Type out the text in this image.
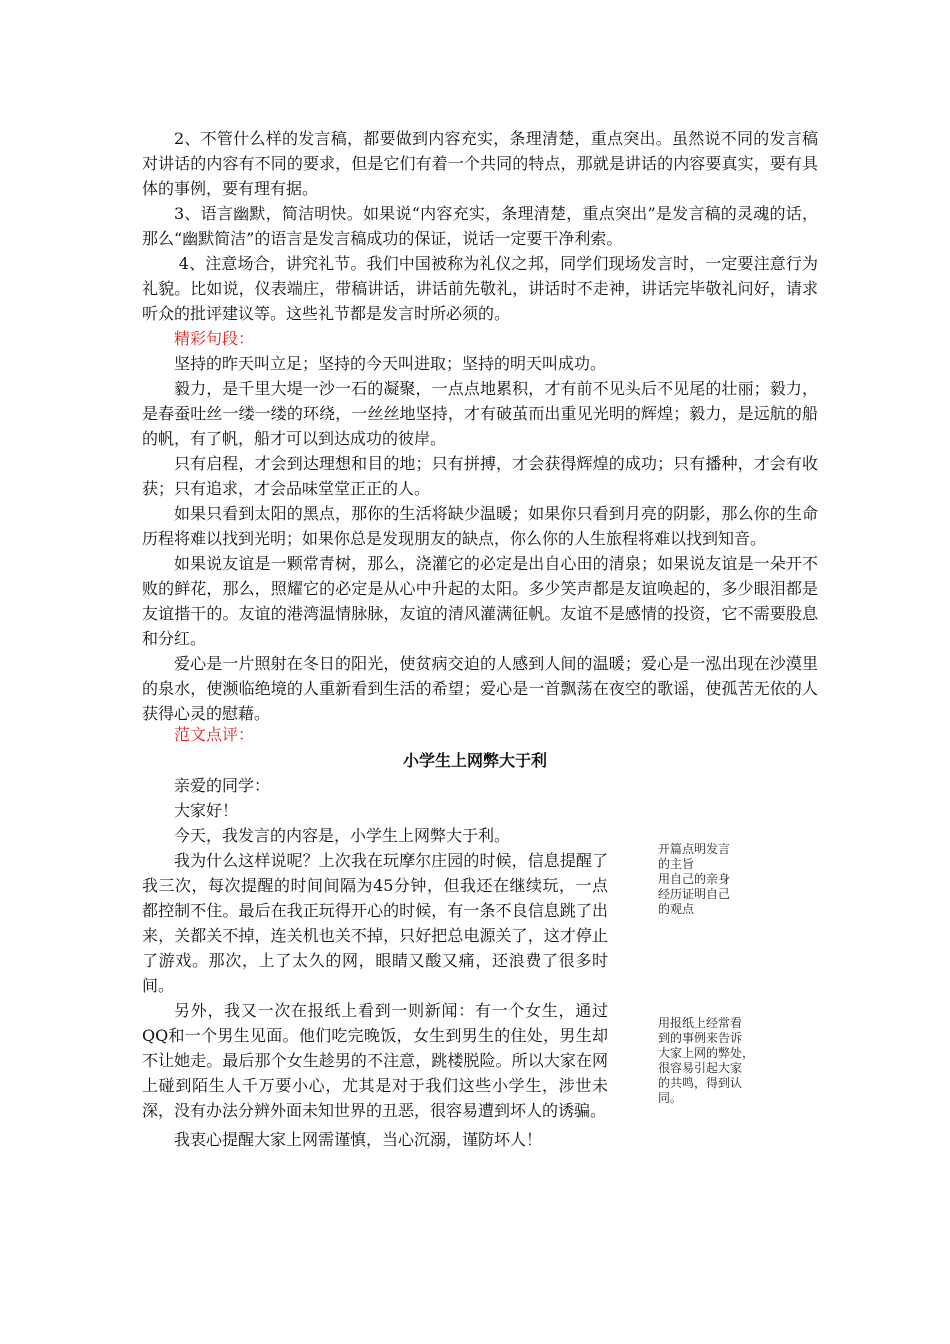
2、不管什么样的发言稿，都要做到内容充实，条理清楚，重点突出。虽然说不同的发言稿对讲话的内容有不同的要求，但是它们有着一个共同的特点，那就是讲话的内容要真实，要有具体的事例，要有理有据。

3、语言幽默，简洁明快。如果说“内容充实，条理清楚，重点突出”是发言稿的灵魂的话，那么“幽默简洁”的语言是发言稿成功的保证，说话一定要干净利索。

4、注意场合，讲究礼节。我们中国被称为礼仪之邦，同学们现场发言时，一定要注意行为礼貌。比如说，仪表端庄，带稿讲话，讲话前先敬礼，讲话时不走神，讲话完毕敬礼问好，请求听众的批评建议等。这些礼节都是发言时所必须的。

精彩句段：

坚持的昨天叫立足；坚持的今天叫进取；坚持的明天叫成功。

毅力，是千里大堤一沙一石的凝聚，一点点地累积，才有前不见头后不见尾的壮丽；毅力，是春蚕吐丝一缕一缕的环绕，一丝丝地坚持，才有破茧而出重见光明的辉煌；毅力，是远航的船的帆，有了帆，船才可以到达成功的彼岸。

只有启程，才会到达理想和目的地；只有拼搏，才会获得辉煌的成功；只有播种，才会有收获；只有追求，才会品味堂堂正正的人。

如果只看到太阳的黑点，那你的生活将缺少温暖；如果你只看到月亮的阴影，那么你的生命历程将难以找到光明；如果你总是发现朋友的缺点，你么你的人生旅程将难以找到知音。

如果说友谊是一颗常青树，那么，浇灌它的必定是出自心田的清泉；如果说友谊是一朵开不败的鲜花，那么，照耀它的必定是从心中升起的太阳。多少笑声都是友谊唤起的，多少眼泪都是友谊揩干的。友谊的港湾温情脉脉，友谊的清风灌满征帆。友谊不是感情的投资，它不需要股息和分红。

爱心是一片照射在冬日的阳光，使贫病交迫的人感到人间的温暖；爱心是一泓出现在沙漠里的泉水，使濒临绝境的人重新看到生活的希望；爱心是一首飘荡在夜空的歌谣，使孤苦无依的人获得心灵的慰藉。

范文点评：
小学生上网弊大于利

亲爱的同学：

大家好！

今天，我发言的内容是，小学生上网弊大于利。

我为什么这样说呢？上次我在玩摩尔庄园的时候，信息提醒了我三次，每次提醒的时间间隔为45分钟，但我还在继续玩，一点都控制不住。最后在我正玩得开心的时候，有一条不良信息跳了出来，关都关不掉，连关机也关不掉，只好把总电源关了，这才停止了游戏。那次，上了太久的网，眼睛又酸又痛，还浪费了很多时间。

另外，我又一次在报纸上看到一则新闻：有一个女生，通过QQ和一个男生见面。他们吃完晚饭，女生到男生的住处，男生却不让她走。最后那个女生趁男的不注意，跳楼脱险。所以大家在网上碰到陌生人千万要小心，尤其是对于我们这些小学生，涉世未深，没有办法分辨外面未知世界的丑恶，很容易遭到坏人的诱骗。

我衷心提醒大家上网需谨慎，当心沉溺，谨防坏人！

开篇点明发言
的主旨
用自己的亲身
经历证明自己
的观点
用报纸上经常看
到的事例来告诉
大家上网的弊处，
很容易引起大家
的共鸣，得到认
同。
